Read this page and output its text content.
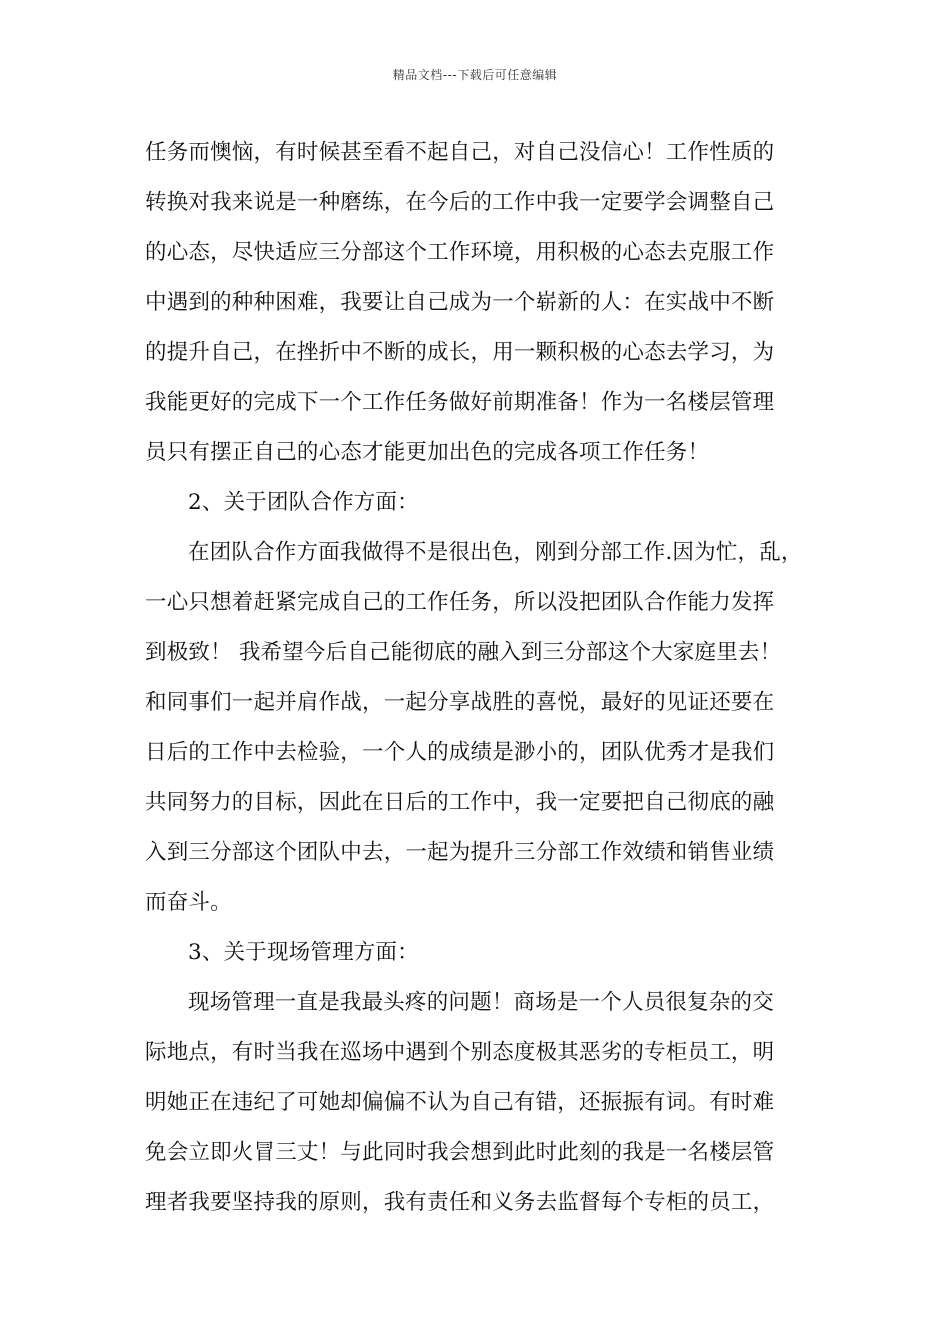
精品文档---下载后可任意编辑
任务而懊恼，有时候甚至看不起自己，对自己没信心！工作性质的
转换对我来说是一种磨练，在今后的工作中我一定要学会调整自己
的心态，尽快适应三分部这个工作环境，用积极的心态去克服工作
中遇到的种种困难，我要让自己成为一个崭新的人：在实战中不断
的提升自己，在挫折中不断的成长，用一颗积极的心态去学习，为
我能更好的完成下一个工作任务做好前期准备！作为一名楼层管理
员只有摆正自己的心态才能更加出色的完成各项工作任务！
2、关于团队合作方面：
在团队合作方面我做得不是很出色，刚到分部工作.因为忙，乱，
一心只想着赶紧完成自己的工作任务，所以没把团队合作能力发挥
到极致！ 我希望今后自己能彻底的融入到三分部这个大家庭里去！
和同事们一起并肩作战，一起分享战胜的喜悦，最好的见证还要在
日后的工作中去检验，一个人的成绩是渺小的，团队优秀才是我们
共同努力的目标，因此在日后的工作中，我一定要把自己彻底的融
入到三分部这个团队中去，一起为提升三分部工作效绩和销售业绩
而奋斗。
3、关于现场管理方面：
现场管理一直是我最头疼的问题！商场是一个人员很复杂的交
际地点，有时当我在巡场中遇到个别态度极其恶劣的专柜员工，明
明她正在违纪了可她却偏偏不认为自己有错，还振振有词。有时难
免会立即火冒三丈！与此同时我会想到此时此刻的我是一名楼层管
理者我要坚持我的原则，我有责任和义务去监督每个专柜的员工，
